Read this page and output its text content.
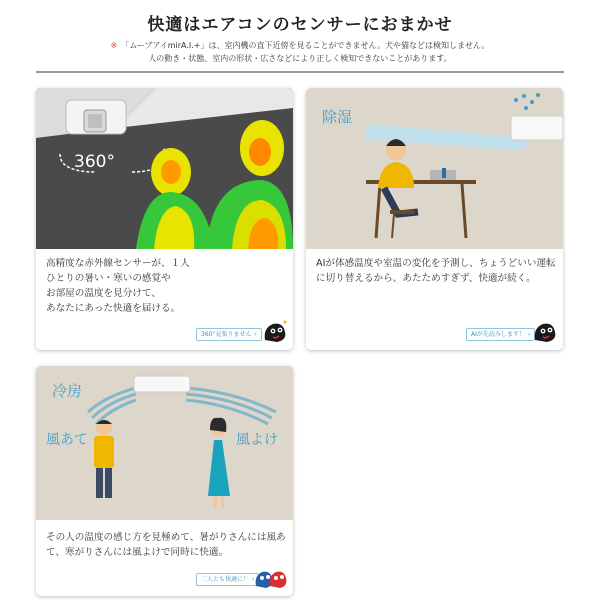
快適はエアコンのセンサーにおまかせ
※ 「ムーブアイmirA.I.+」は、室内機の直下近傍を見ることができません。犬や猫などは検知しません。
人の動き・状態、室内の形状・広さなどにより正しく検知できないことがあります。
360°
高精度な赤外線センサーが、１人
ひとりの暑い・寒いの感覚や
お部屋の温度を見分けて、
あなたにあった快適を届ける。
360°見張りません ›
除湿
AIが体感温度や室温の変化を予測し、ちょうどいい運転
に切り替えるから、あたためすぎず、快適が続く。
AIが先読みします！ ›
冷房
風あて	風よけ
その人の温度の感じ方を見極めて、暑がりさんには風あ
て、寒がりさんには風よけで同時に快適。
二人とも快適に！ ›
